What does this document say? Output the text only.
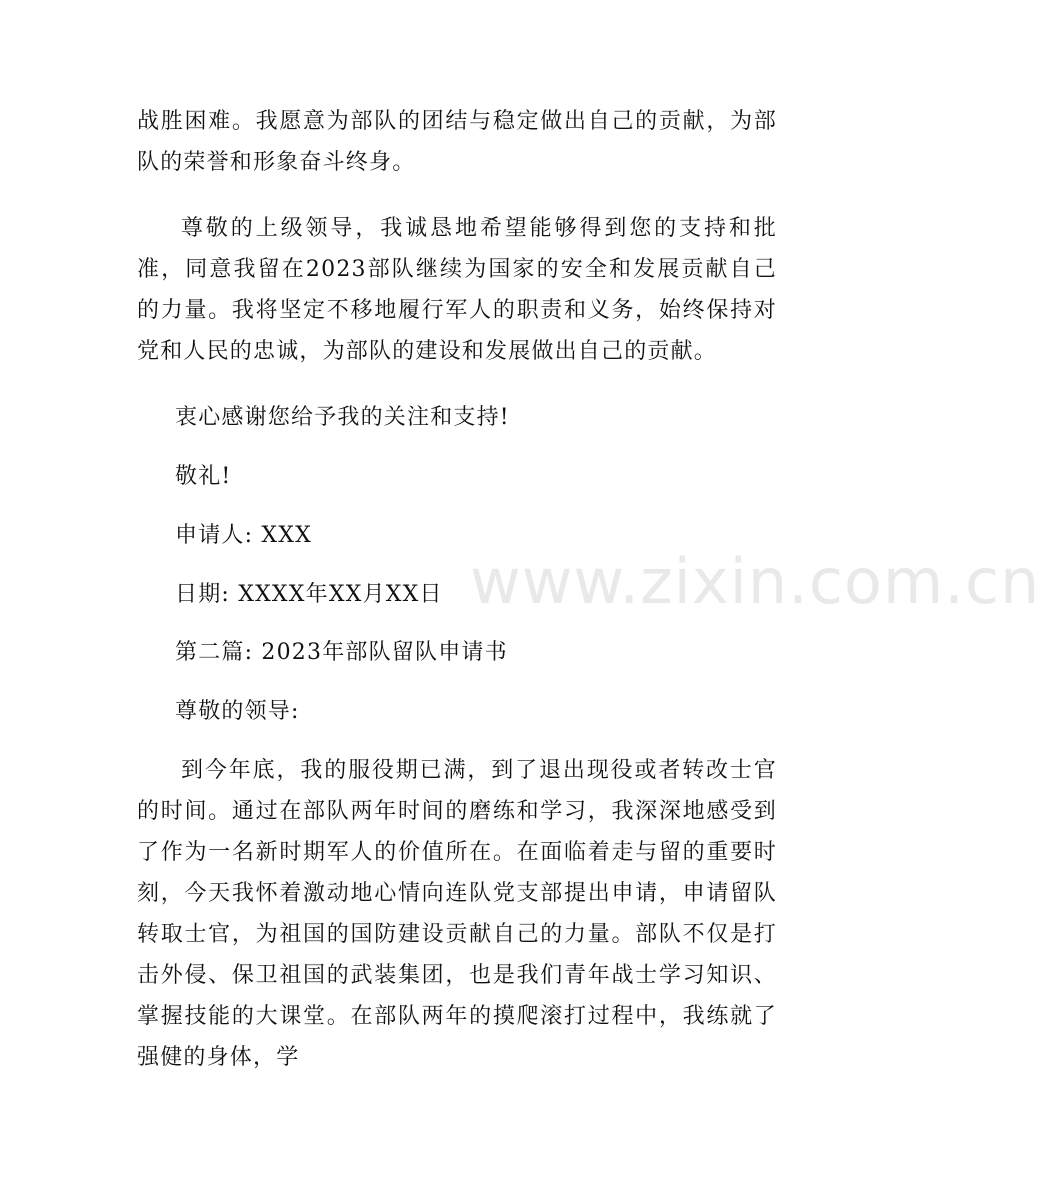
战胜困难。我愿意为部队的团结与稳定做出自己的贡献，为部队的荣誉和形象奋斗终身。
尊敬的上级领导，我诚恳地希望能够得到您的支持和批准，同意我留在2023部队继续为国家的安全和发展贡献自己的力量。我将坚定不移地履行军人的职责和义务，始终保持对党和人民的忠诚，为部队的建设和发展做出自己的贡献。
衷心感谢您给予我的关注和支持!
敬礼!
申请人: XXX
日期: XXXX年XX月XX日
第二篇: 2023年部队留队申请书
尊敬的领导:
到今年底，我的服役期已满，到了退出现役或者转改士官的时间。通过在部队两年时间的磨练和学习，我深深地感受到了作为一名新时期军人的价值所在。在面临着走与留的重要时刻，今天我怀着激动地心情向连队党支部提出申请，申请留队转取士官，为祖国的国防建设贡献自己的力量。部队不仅是打击外侵、保卫祖国的武装集团，也是我们青年战士学习知识、掌握技能的大课堂。在部队两年的摸爬滚打过程中，我练就了强健的身体，学
www.zixin.com.cn
